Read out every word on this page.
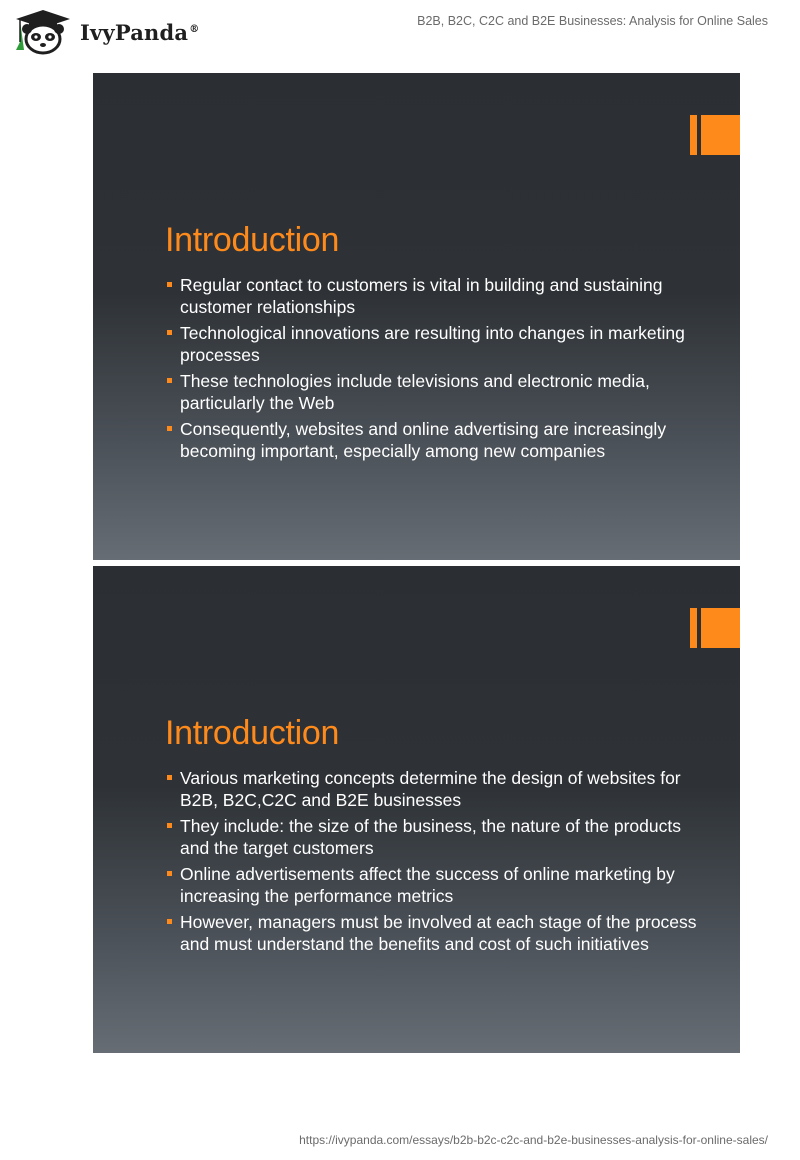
IvyPanda®
B2B, B2C, C2C and B2E Businesses: Analysis for Online Sales
Introduction
Regular contact to customers is vital in building and sustaining customer relationships
Technological innovations are resulting into changes in marketing processes
These technologies include televisions and electronic media, particularly the Web
Consequently, websites and online advertising are increasingly becoming important, especially among new companies
Introduction
Various marketing concepts determine the design of websites for B2B, B2C,C2C and B2E businesses
They include: the size of the business, the nature of the products and the target customers
Online advertisements affect the success of online marketing by increasing the performance metrics
However, managers must be involved at each stage of the process and must understand the benefits and cost of such initiatives
https://ivypanda.com/essays/b2b-b2c-c2c-and-b2e-businesses-analysis-for-online-sales/
